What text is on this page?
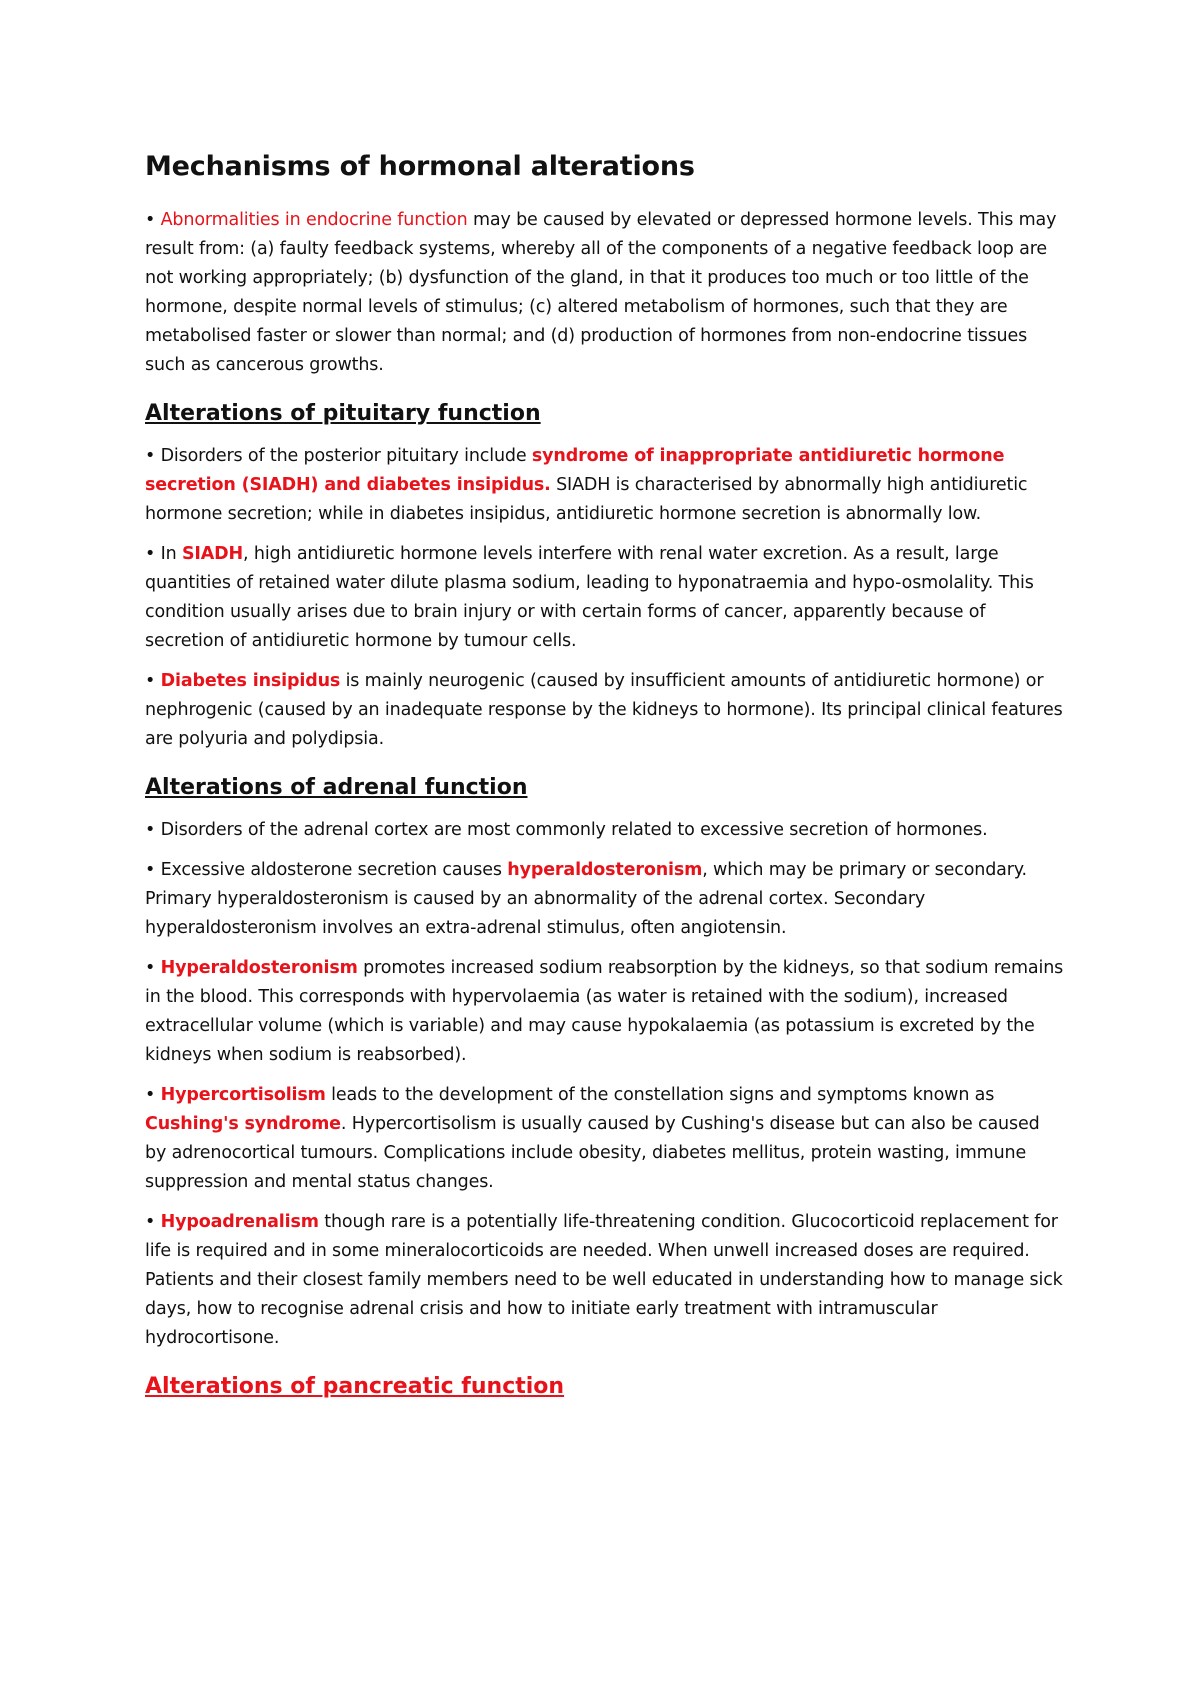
Mechanisms of hormonal alterations

• Abnormalities in endocrine function may be caused by elevated or depressed hormone levels. This may result from: (a) faulty feedback systems, whereby all of the components of a negative feedback loop are not working appropriately; (b) dysfunction of the gland, in that it produces too much or too little of the hormone, despite normal levels of stimulus; (c) altered metabolism of hormones, such that they are metabolised faster or slower than normal; and (d) production of hormones from non-endocrine tissues such as cancerous growths.

Alterations of pituitary function

• Disorders of the posterior pituitary include syndrome of inappropriate antidiuretic hormone secretion (SIADH) and diabetes insipidus. SIADH is characterised by abnormally high antidiuretic hormone secretion; while in diabetes insipidus, antidiuretic hormone secretion is abnormally low.

• In SIADH, high antidiuretic hormone levels interfere with renal water excretion. As a result, large quantities of retained water dilute plasma sodium, leading to hyponatraemia and hypo-osmolality. This condition usually arises due to brain injury or with certain forms of cancer, apparently because of secretion of antidiuretic hormone by tumour cells.

• Diabetes insipidus is mainly neurogenic (caused by insufficient amounts of antidiuretic hormone) or nephrogenic (caused by an inadequate response by the kidneys to hormone). Its principal clinical features are polyuria and polydipsia.

Alterations of adrenal function

• Disorders of the adrenal cortex are most commonly related to excessive secretion of hormones.

• Excessive aldosterone secretion causes hyperaldosteronism, which may be primary or secondary. Primary hyperaldosteronism is caused by an abnormality of the adrenal cortex. Secondary hyperaldosteronism involves an extra-adrenal stimulus, often angiotensin.

• Hyperaldosteronism promotes increased sodium reabsorption by the kidneys, so that sodium remains in the blood. This corresponds with hypervolaemia (as water is retained with the sodium), increased extracellular volume (which is variable) and may cause hypokalaemia (as potassium is excreted by the kidneys when sodium is reabsorbed).

• Hypercortisolism leads to the development of the constellation signs and symptoms known as Cushing's syndrome. Hypercortisolism is usually caused by Cushing's disease but can also be caused by adrenocortical tumours. Complications include obesity, diabetes mellitus, protein wasting, immune suppression and mental status changes.

• Hypoadrenalism though rare is a potentially life-threatening condition. Glucocorticoid replacement for life is required and in some mineralocorticoids are needed. When unwell increased doses are required. Patients and their closest family members need to be well educated in understanding how to manage sick days, how to recognise adrenal crisis and how to initiate early treatment with intramuscular hydrocortisone.

Alterations of pancreatic function
